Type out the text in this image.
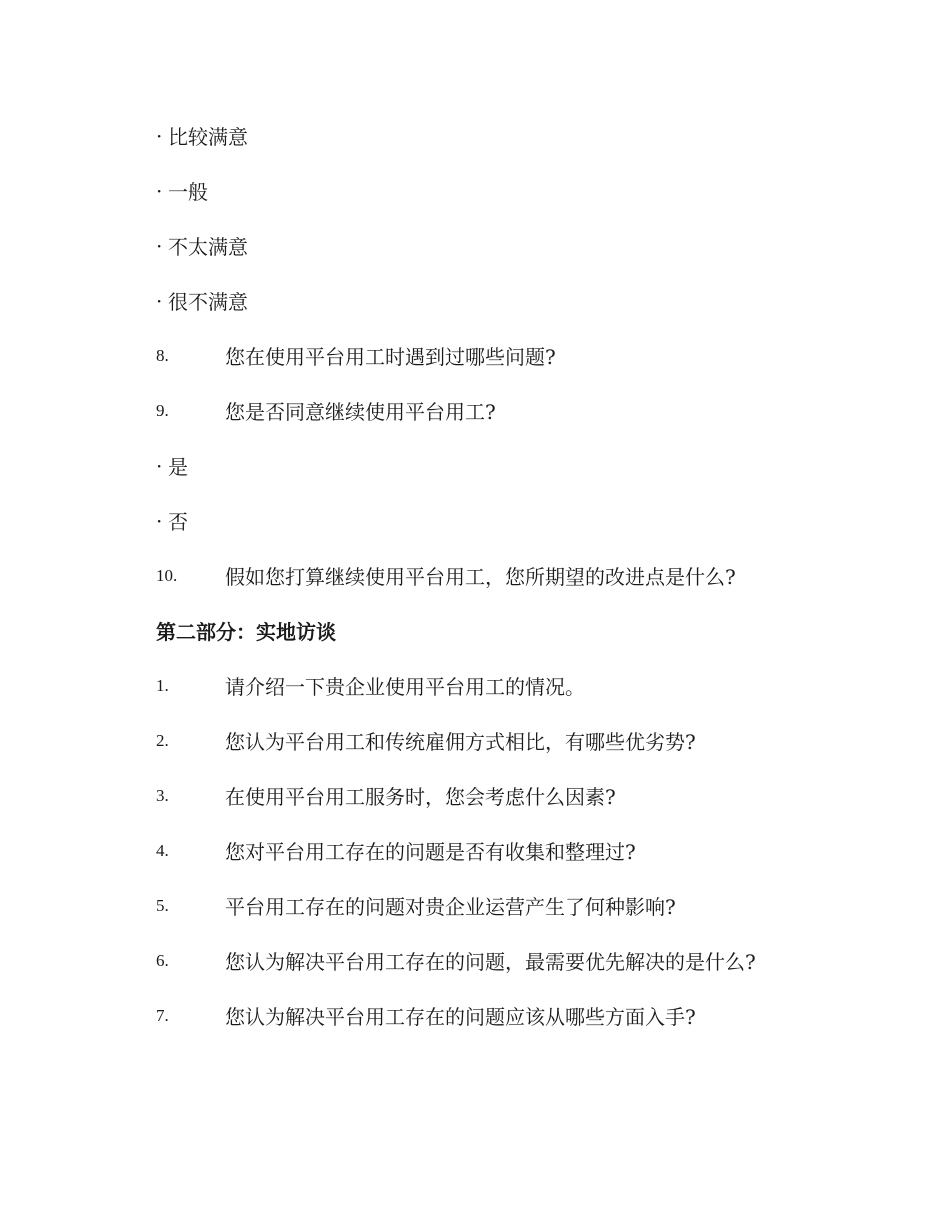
· 比较满意
· 一般
· 不太满意
· 很不满意
8.	您在使用平台用工时遇到过哪些问题?
9.	您是否同意继续使用平台用工?
· 是
· 否
10.	假如您打算继续使用平台用工，您所期望的改进点是什么?
第二部分：实地访谈
1.	请介绍一下贵企业使用平台用工的情况。
2.	您认为平台用工和传统雇佣方式相比，有哪些优劣势?
3.	在使用平台用工服务时，您会考虑什么因素?
4.	您对平台用工存在的问题是否有收集和整理过?
5.	平台用工存在的问题对贵企业运营产生了何种影响?
6.	您认为解决平台用工存在的问题，最需要优先解决的是什么?
7.	您认为解决平台用工存在的问题应该从哪些方面入手?
